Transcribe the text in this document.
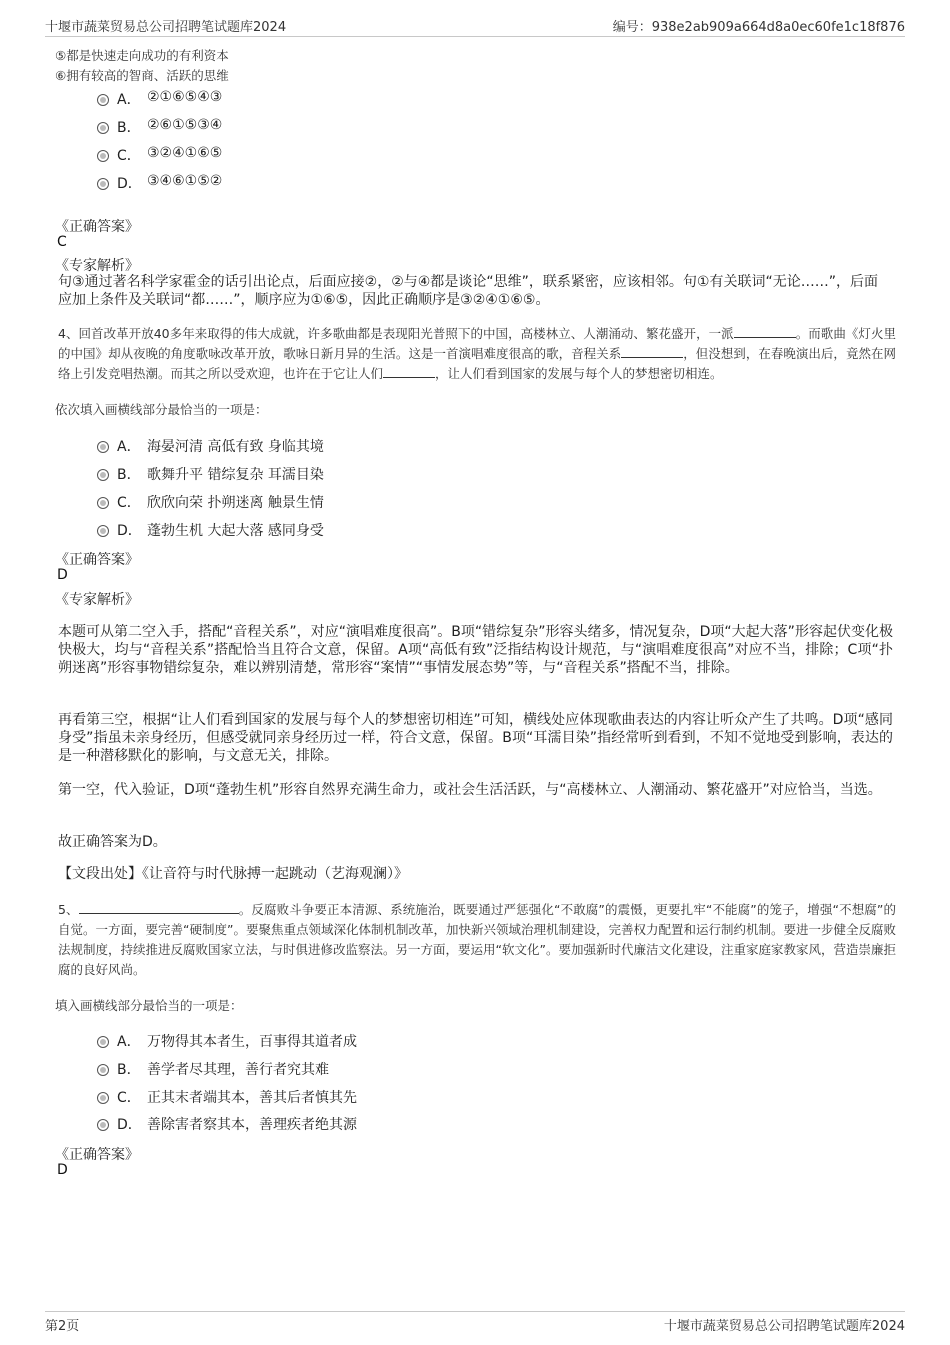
十堰市蔬菜贸易总公司招聘笔试题库2024	编号：938e2ab909a664d8a0ec60fe1c18f876
⑤都是快速走向成功的有利资本
⑥拥有较高的智商、活跃的思维
A． ②①⑥⑤④③
B． ②⑥①⑤③④
C． ③②④①⑥⑤
D． ③④⑥①⑤②
《正确答案》
C
《专家解析》
句③通过著名科学家霍金的话引出论点，后面应接②，②与④都是谈论“思维”，联系紧密，应该相邻。句①有关联词“无论……”，后面应加上条件及关联词“都……”，顺序应为①⑥⑤，因此正确顺序是③②④①⑥⑤。
4、回首改革开放40多年来取得的伟大成就，许多歌曲都是表现阳光普照下的中国，高楼林立、人潮涌动、繁花盛开，一派	。而歌曲《灯火里的中国》却从夜晚的角度歌咏改革开放，歌咏日新月异的生活。这是一首演唱难度很高的歌，音程关系	，但没想到，在春晚演出后，竟然在网络上引发竞唱热潮。而其之所以受欢迎，也许在于它让人们	，让人们看到国家的发展与每个人的梦想密切相连。
依次填入画横线部分最恰当的一项是：
A． 海晏河清 高低有致 身临其境
B． 歌舞升平 错综复杂 耳濡目染
C． 欣欣向荣 扑朔迷离 触景生情
D． 蓬勃生机 大起大落 感同身受
《正确答案》
D
《专家解析》
本题可从第二空入手，搭配“音程关系”，对应“演唱难度很高”。B项“错综复杂”形容头绪多，情况复杂，D项“大起大落”形容起伏变化极快极大，均与“音程关系”搭配恰当且符合文意，保留。A项“高低有致”泛指结构设计规范，与“演唱难度很高”对应不当，排除；C项“扑朔迷离”形容事物错综复杂，难以辨别清楚，常形容“案情”“事情发展态势”等，与“音程关系”搭配不当，排除。
再看第三空，根据“让人们看到国家的发展与每个人的梦想密切相连”可知，横线处应体现歌曲表达的内容让听众产生了共鸣。D项“感同身受”指虽未亲身经历，但感受就同亲身经历过一样，符合文意，保留。B项“耳濡目染”指经常听到看到，不知不觉地受到影响，表达的是一种潜移默化的影响，与文意无关，排除。
第一空，代入验证，D项“蓬勃生机”形容自然界充满生命力，或社会生活活跃，与“高楼林立、人潮涌动、繁花盛开”对应恰当，当选。
故正确答案为D。
【文段出处】《让音符与时代脉搏一起跳动（艺海观澜）》
5、	。反腐败斗争要正本清源、系统施治，既要通过严惩强化“不敢腐”的震慑，更要扎牢“不能腐”的笼子，增强“不想腐”的自觉。一方面，要完善“硬制度”。要聚焦重点领域深化体制机制改革，加快新兴领域治理机制建设，完善权力配置和运行制约机制。要进一步健全反腐败法规制度，持续推进反腐败国家立法，与时俱进修改监察法。另一方面，要运用“软文化”。要加强新时代廉洁文化建设，注重家庭家教家风，营造崇廉拒腐的良好风尚。
填入画横线部分最恰当的一项是：
A． 万物得其本者生，百事得其道者成
B． 善学者尽其理，善行者究其难
C． 正其末者端其本，善其后者慎其先
D． 善除害者察其本，善理疾者绝其源
《正确答案》
D
第2页	十堰市蔬菜贸易总公司招聘笔试题库2024
